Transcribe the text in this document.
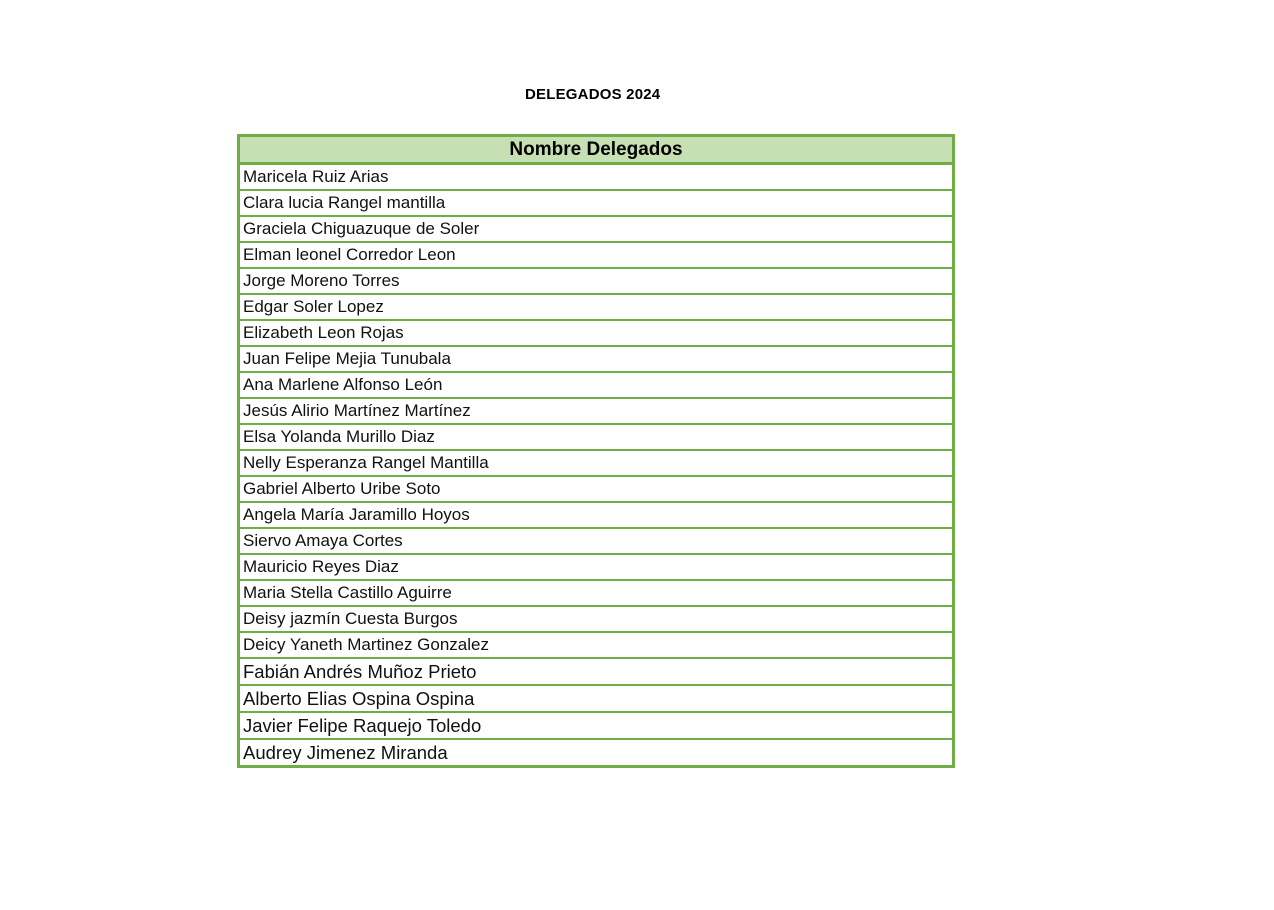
DELEGADOS 2024
Nombre Delegados
Maricela Ruiz Arias
Clara lucia Rangel mantilla
Graciela Chiguazuque de Soler
Elman leonel Corredor Leon
Jorge Moreno Torres
Edgar Soler Lopez
Elizabeth Leon Rojas
Juan Felipe Mejia Tunubala
Ana Marlene Alfonso León
Jesús Alirio Martínez Martínez
Elsa Yolanda Murillo Diaz
Nelly Esperanza Rangel Mantilla
Gabriel Alberto Uribe Soto
Angela María Jaramillo Hoyos
Siervo Amaya Cortes
Mauricio Reyes Diaz
Maria Stella Castillo Aguirre
Deisy jazmín Cuesta Burgos
Deicy Yaneth Martinez Gonzalez
Fabián Andrés Muñoz Prieto
Alberto Elias Ospina Ospina
Javier Felipe Raquejo Toledo
Audrey Jimenez Miranda
